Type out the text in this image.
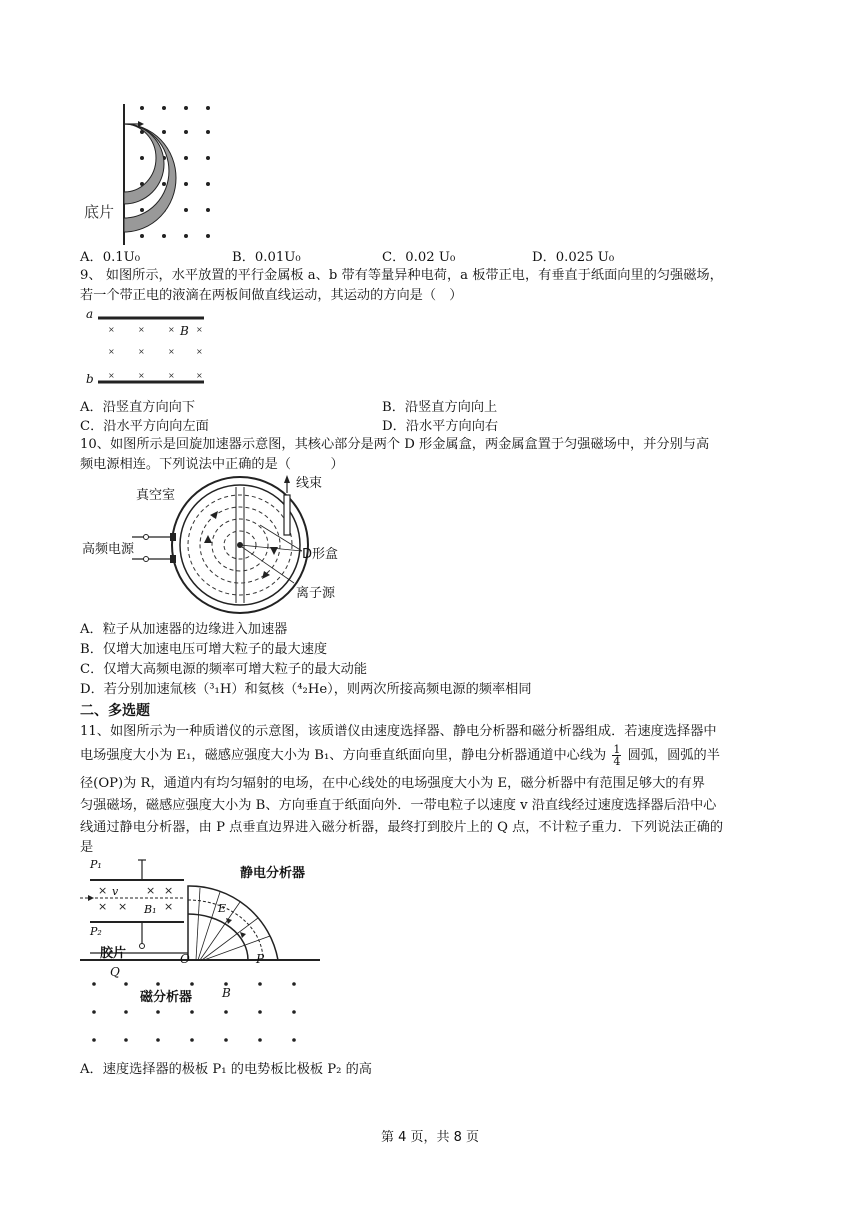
底片
A．0.1U₀	B．0.01U₀	C．0.02 U₀	D．0.025 U₀
9、 如图所示，水平放置的平行金属板 a、b 带有等量异种电荷，a 板带正电，有垂直于纸面向里的匀强磁场，
若一个带正电的液滴在两板间做直线运动，其运动的方向是（　）
×	×	×	×
×	×	×	×
×	×	×	×
a
b
B
A．沿竖直方向向下	B．沿竖直方向向上
C．沿水平方向向左面	D．沿水平方向向右
10、如图所示是回旋加速器示意图，其核心部分是两个 D 形金属盒，两金属盒置于匀强磁场中，并分别与高
频电源相连。下列说法中正确的是（　　　）
真空室
线束
高频电源	D形盒
离子源
A．粒子从加速器的边缘进入加速器
B．仅增大加速电压可增大粒子的最大速度
C．仅增大高频电源的频率可增大粒子的最大动能
D．若分别加速氚核（³₁H）和氦核（⁴₂He），则两次所接高频电源的频率相同
二、多选题
11、如图所示为一种质谱仪的示意图，该质谱仪由速度选择器、静电分析器和磁分析器组成．若速度选择器中
电场强度大小为 E₁，磁感应强度大小为 B₁、方向垂直纸面向里，静电分析器通道中心线为 $\frac{1}{4}$ 圆弧，圆弧的半
径(OP)为 R，通道内有均匀辐射的电场，在中心线处的电场强度大小为 E，磁分析器中有范围足够大的有界
匀强磁场，磁感应强度大小为 B、方向垂直于纸面向外．一带电粒子以速度 v 沿直线经过速度选择器后沿中心
线通过静电分析器，由 P 点垂直边界进入磁分析器，最终打到胶片上的 Q 点，不计粒子重力．下列说法正确的
是
×	× ×
× ×	×
P₁
v
B₁
P₂
胶片	O
Q
P
E
B
静电分析器
磁分析器
A．速度选择器的极板 P₁ 的电势板比极板 P₂ 的高
第 4 页，共 8 页
